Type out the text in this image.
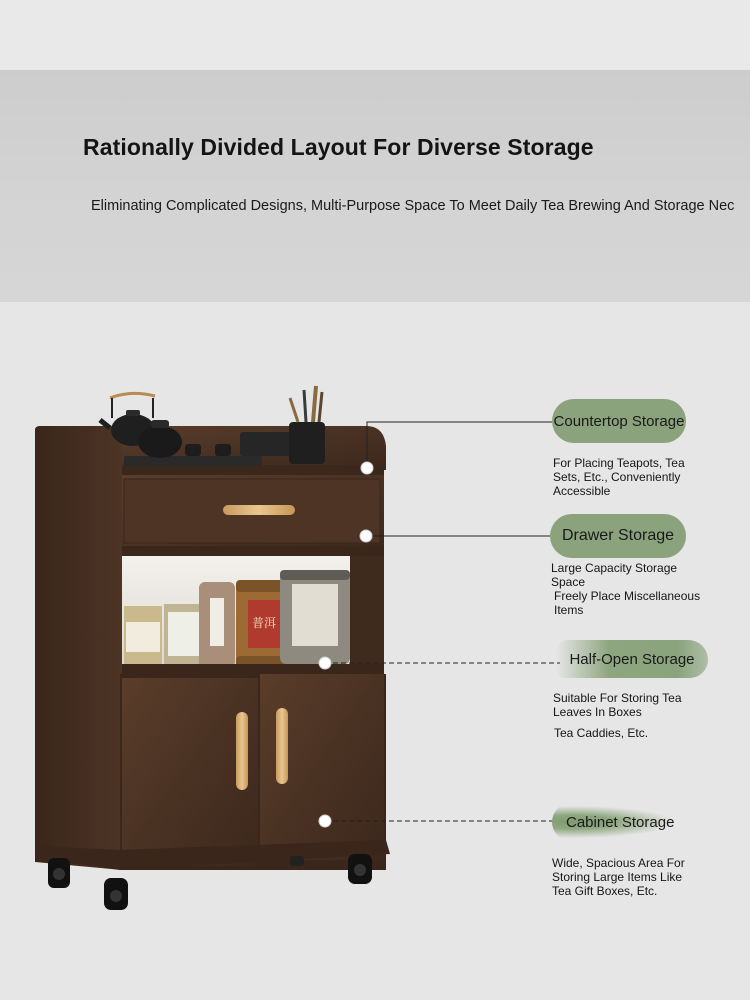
Rationally Divided Layout For Diverse Storage
Eliminating Complicated Designs, Multi-Purpose Space To Meet Daily Tea Brewing And Storage Nec
普洱
Countertop Storage

For Placing Teapots, Tea

Sets, Etc., Conveniently

Accessible

Drawer Storage

Large Capacity Storage

Space

Freely Place Miscellaneous

Items

Half-Open Storage

Suitable For Storing Tea

Leaves In Boxes

Tea Caddies, Etc.

Cabinet Storage

Wide, Spacious Area For

Storing Large Items Like

Tea Gift Boxes, Etc.
